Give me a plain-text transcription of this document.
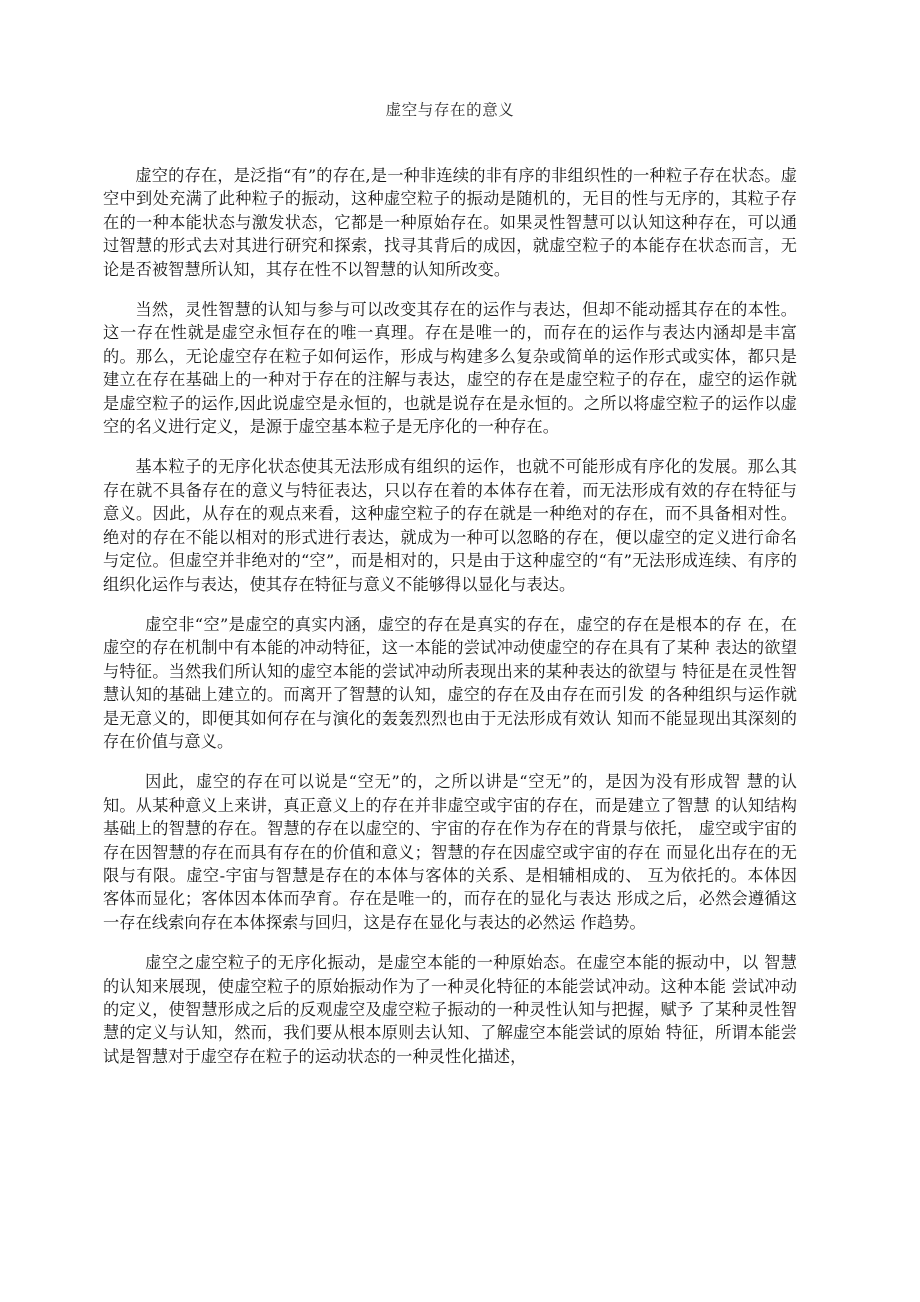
虚空与存在的意义

虚空的存在，是泛指“有”的存在,是一种非连续的非有序的非组织性的一种粒子存在状态。虚空中到处充满了此种粒子的振动，这种虚空粒子的振动是随机的，无目的性与无序的，其粒子存在的一种本能状态与激发状态，它都是一种原始存在。如果灵性智慧可以认知这种存在，可以通过智慧的形式去对其进行研究和探索，找寻其背后的成因，就虚空粒子的本能存在状态而言，无论是否被智慧所认知，其存在性不以智慧的认知所改变。

当然，灵性智慧的认知与参与可以改变其存在的运作与表达，但却不能动摇其存在的本性。这一存在性就是虚空永恒存在的唯一真理。存在是唯一的，而存在的运作与表达内涵却是丰富的。那么，无论虚空存在粒子如何运作，形成与构建多么复杂或简单的运作形式或实体，都只是建立在存在基础上的一种对于存在的注解与表达，虚空的存在是虚空粒子的存在，虚空的运作就是虚空粒子的运作,因此说虚空是永恒的，也就是说存在是永恒的。之所以将虚空粒子的运作以虚空的名义进行定义，是源于虚空基本粒子是无序化的一种存在。

基本粒子的无序化状态使其无法形成有组织的运作，也就不可能形成有序化的发展。那么其存在就不具备存在的意义与特征表达，只以存在着的本体存在着，而无法形成有效的存在特征与意义。因此，从存在的观点来看，这种虚空粒子的存在就是一种绝对的存在，而不具备相对性。绝对的存在不能以相对的形式进行表达，就成为一种可以忽略的存在，便以虚空的定义进行命名与定位。但虚空并非绝对的“空”，而是相对的，只是由于这种虚空的“有”无法形成连续、有序的组织化运作与表达，使其存在特征与意义不能够得以显化与表达。

虚空非“空”是虚空的真实内涵，虚空的存在是真实的存在，虚空的存在是根本的存 在，在虚空的存在机制中有本能的冲动特征，这一本能的尝试冲动使虚空的存在具有了某种 表达的欲望与特征。当然我们所认知的虚空本能的尝试冲动所表现出来的某种表达的欲望与 特征是在灵性智慧认知的基础上建立的。而离开了智慧的认知，虚空的存在及由存在而引发 的各种组织与运作就是无意义的，即便其如何存在与演化的轰轰烈烈也由于无法形成有效认 知而不能显现出其深刻的存在价值与意义。

因此，虚空的存在可以说是“空无”的，之所以讲是“空无”的，是因为没有形成智 慧的认知。从某种意义上来讲，真正意义上的存在并非虚空或宇宙的存在，而是建立了智慧 的认知结构基础上的智慧的存在。智慧的存在以虚空的、宇宙的存在作为存在的背景与依托， 虚空或宇宙的存在因智慧的存在而具有存在的价值和意义；智慧的存在因虚空或宇宙的存在 而显化出存在的无限与有限。虚空-宇宙与智慧是存在的本体与客体的关系、是相辅相成的、 互为依托的。本体因客体而显化；客体因本体而孕育。存在是唯一的，而存在的显化与表达 形成之后，必然会遵循这一存在线索向存在本体探索与回归，这是存在显化与表达的必然运 作趋势。

虚空之虚空粒子的无序化振动，是虚空本能的一种原始态。在虚空本能的振动中，以 智慧的认知来展现，使虚空粒子的原始振动作为了一种灵化特征的本能尝试冲动。这种本能 尝试冲动的定义，使智慧形成之后的反观虚空及虚空粒子振动的一种灵性认知与把握，赋予 了某种灵性智慧的定义与认知，然而，我们要从根本原则去认知、了解虚空本能尝试的原始 特征，所谓本能尝试是智慧对于虚空存在粒子的运动状态的一种灵性化描述，
